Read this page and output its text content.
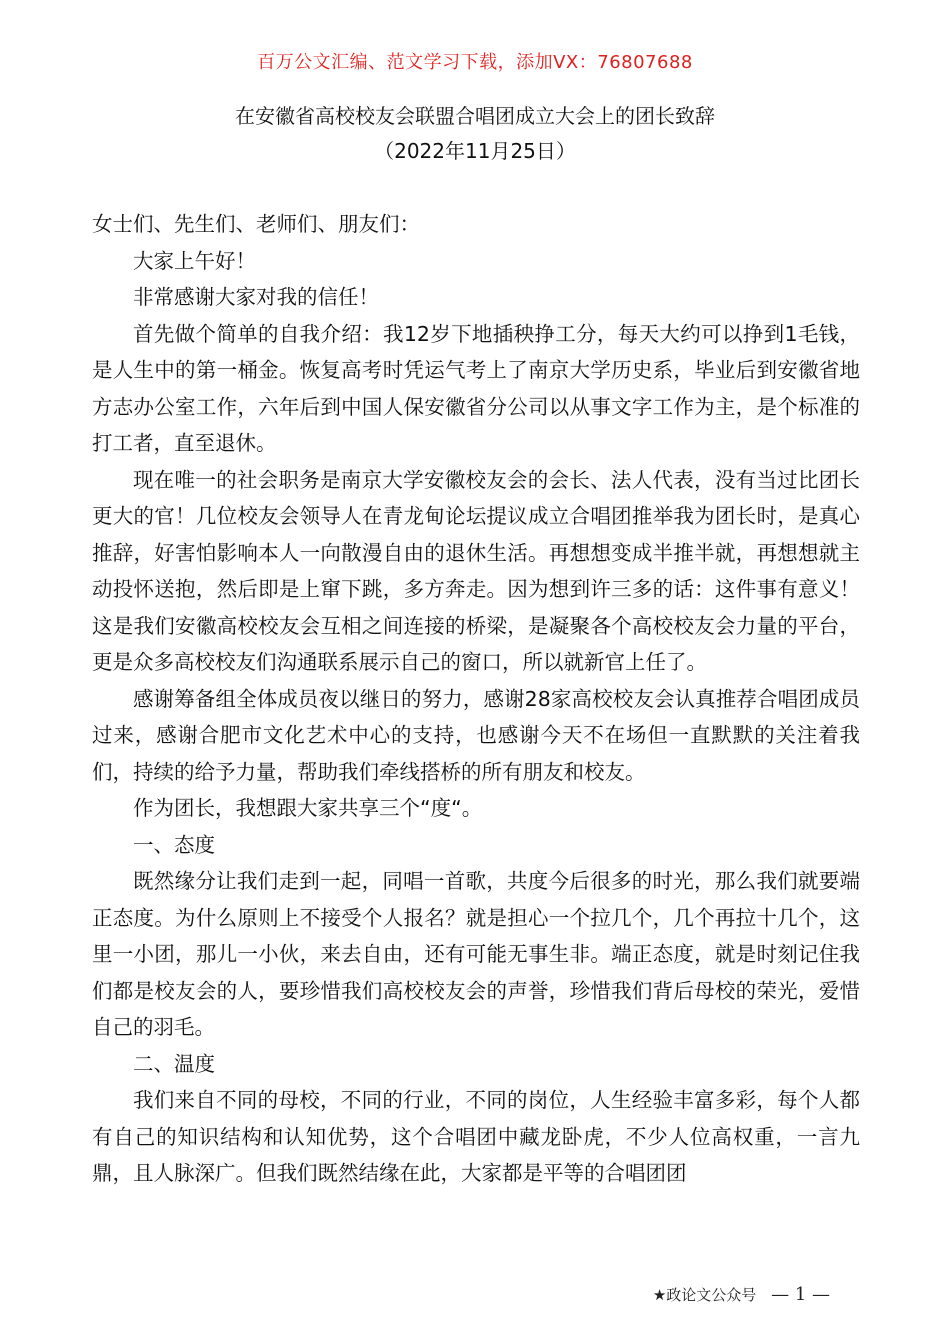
百万公文汇编、范文学习下载，添加VX：76807688
在安徽省高校校友会联盟合唱团成立大会上的团长致辞
（2022年11月25日）

女士们、先生们、老师们、朋友们：

大家上午好！

非常感谢大家对我的信任！

首先做个简单的自我介绍：我12岁下地插秧挣工分，每天大约可以挣到1毛钱，是人生中的第一桶金。恢复高考时凭运气考上了南京大学历史系，毕业后到安徽省地方志办公室工作，六年后到中国人保安徽省分公司以从事文字工作为主，是个标准的打工者，直至退休。

现在唯一的社会职务是南京大学安徽校友会的会长、法人代表，没有当过比团长更大的官！几位校友会领导人在青龙甸论坛提议成立合唱团推举我为团长时，是真心推辞，好害怕影响本人一向散漫自由的退休生活。再想想变成半推半就，再想想就主动投怀送抱，然后即是上窜下跳，多方奔走。因为想到许三多的话：这件事有意义！这是我们安徽高校校友会互相之间连接的桥梁，是凝聚各个高校校友会力量的平台，更是众多高校校友们沟通联系展示自己的窗口，所以就新官上任了。

感谢筹备组全体成员夜以继日的努力，感谢28家高校校友会认真推荐合唱团成员过来，感谢合肥市文化艺术中心的支持，也感谢今天不在场但一直默默的关注着我们，持续的给予力量，帮助我们牵线搭桥的所有朋友和校友。

作为团长，我想跟大家共享三个“度“。

一、态度

既然缘分让我们走到一起，同唱一首歌，共度今后很多的时光，那么我们就要端正态度。为什么原则上不接受个人报名？就是担心一个拉几个，几个再拉十几个，这里一小团，那儿一小伙，来去自由，还有可能无事生非。端正态度，就是时刻记住我们都是校友会的人，要珍惜我们高校校友会的声誉，珍惜我们背后母校的荣光，爱惜自己的羽毛。

二、温度

我们来自不同的母校，不同的行业，不同的岗位，人生经验丰富多彩，每个人都有自己的知识结构和认知优势，这个合唱团中藏龙卧虎，不少人位高权重，一言九鼎，且人脉深广。但我们既然结缘在此，大家都是平等的合唱团团

★政论文公众号 — 1 —
